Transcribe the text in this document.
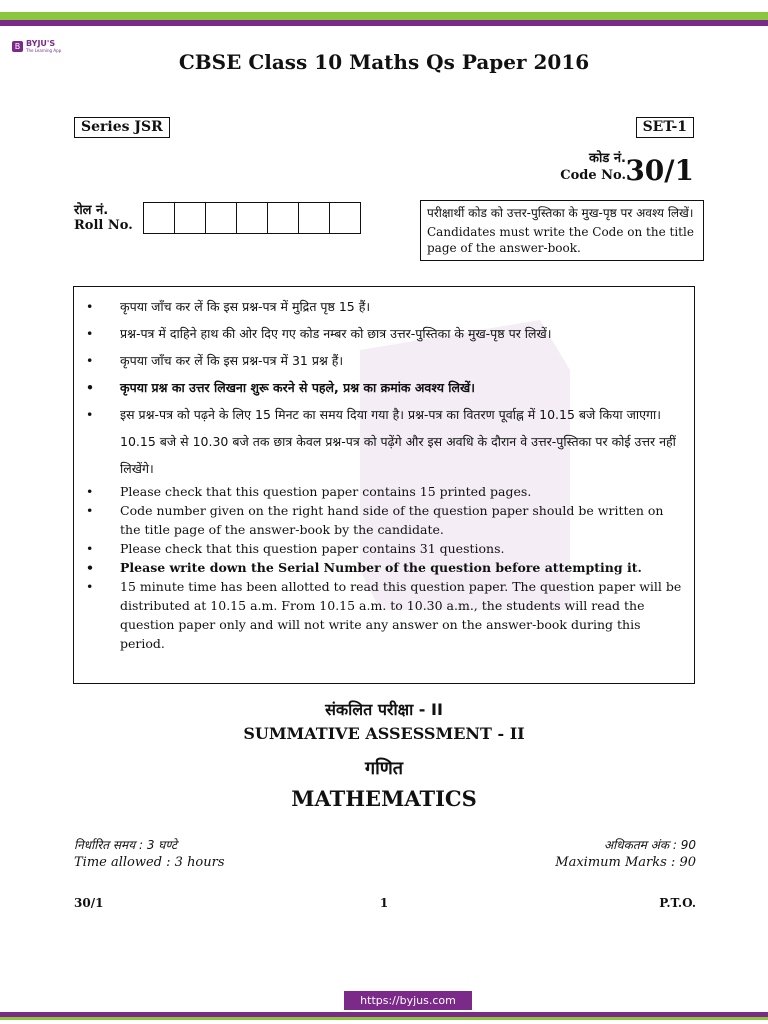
B BYJU'S
The Learning App	CBSE Class 10 Maths Qs Paper 2016
Series JSR	SET-1
कोड नं.
Code No. 30/1
रोल नं.
Roll No.
परीक्षार्थी कोड को उत्तर-पुस्तिका के मुख-पृष्ठ पर अवश्य लिखें।
Candidates must write the Code on the title page of the answer-book.
• कृपया जाँच कर लें कि इस प्रश्न-पत्र में मुद्रित पृष्ठ 15 हैं।
• प्रश्न-पत्र में दाहिने हाथ की ओर दिए गए कोड नम्बर को छात्र उत्तर-पुस्तिका के मुख-पृष्ठ पर लिखें।
• कृपया जाँच कर लें कि इस प्रश्न-पत्र में 31 प्रश्न हैं।
• कृपया प्रश्न का उत्तर लिखना शुरू करने से पहले, प्रश्न का क्रमांक अवश्य लिखें।
• इस प्रश्न-पत्र को पढ़ने के लिए 15 मिनट का समय दिया गया है। प्रश्न-पत्र का वितरण पूर्वाह्न में 10.15 बजे किया जाएगा। 10.15 बजे से 10.30 बजे तक छात्र केवल प्रश्न-पत्र को पढ़ेंगे और इस अवधि के दौरान वे उत्तर-पुस्तिका पर कोई उत्तर नहीं लिखेंगे।
• Please check that this question paper contains 15 printed pages.
• Code number given on the right hand side of the question paper should be written on the title page of the answer-book by the candidate.
• Please check that this question paper contains 31 questions.
• Please write down the Serial Number of the question before attempting it.
• 15 minute time has been allotted to read this question paper. The question paper will be distributed at 10.15 a.m. From 10.15 a.m. to 10.30 a.m., the students will read the question paper only and will not write any answer on the answer-book during this period.
संकलित परीक्षा - II
SUMMATIVE ASSESSMENT - II
गणित
MATHEMATICS
निर्धारित समय : 3 घण्टे
Time allowed : 3 hours
अधिकतम अंक : 90
Maximum Marks : 90
30/1	1	P.T.O.
https://byjus.com
